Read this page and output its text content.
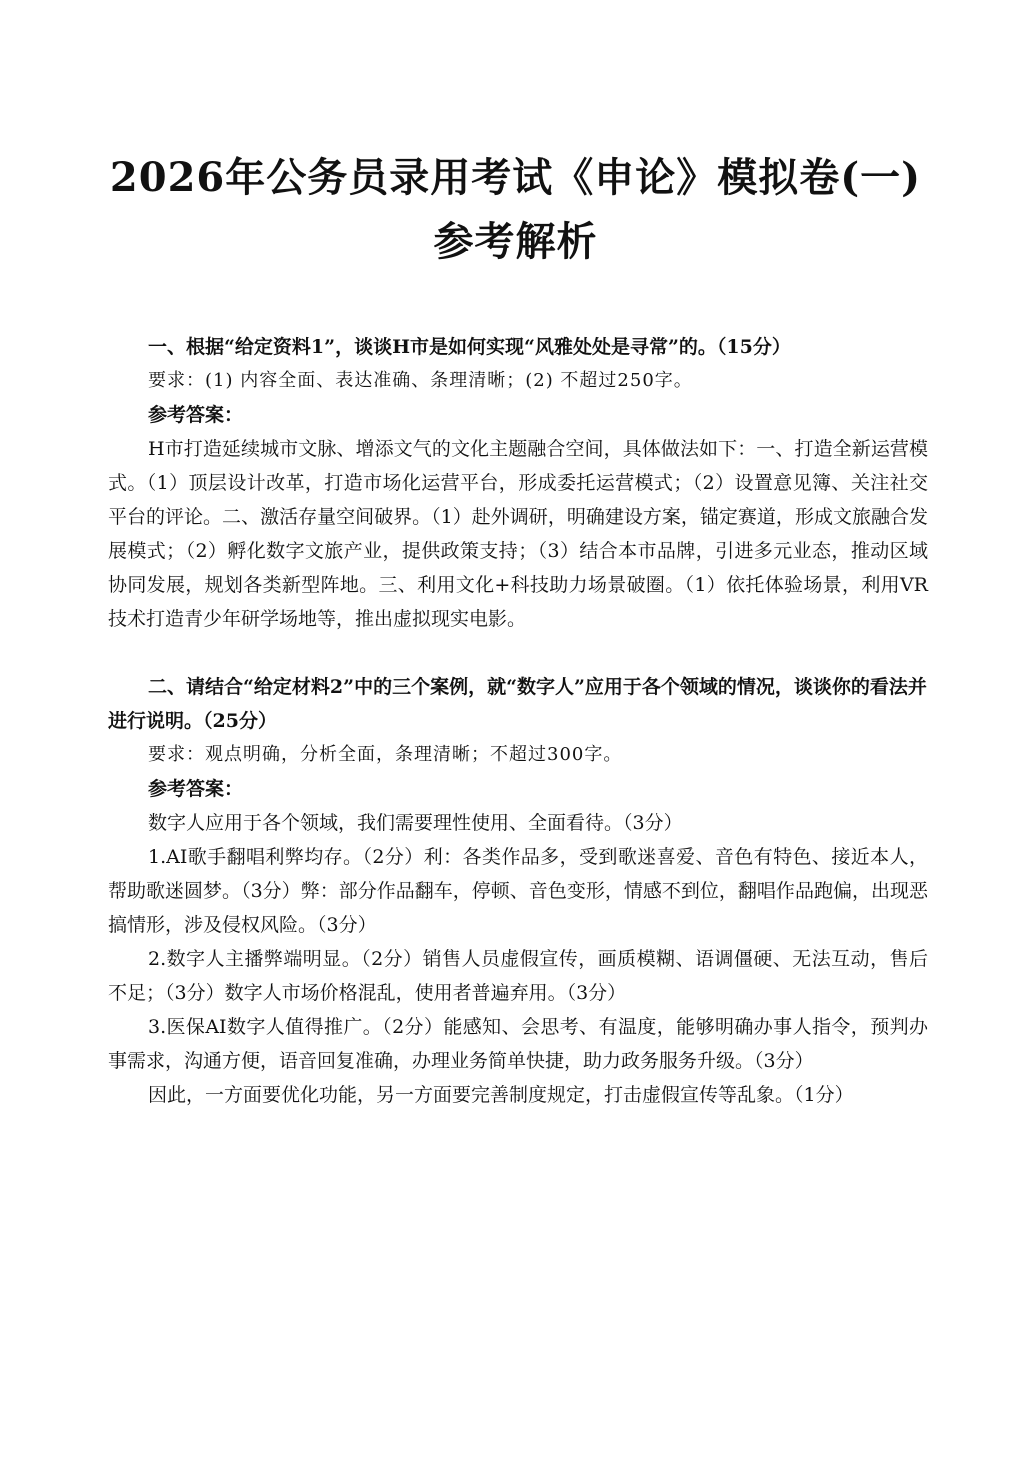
2026年公务员录用考试《申论》模拟卷(一)
参考解析

一、根据“给定资料1”，谈谈H市是如何实现“风雅处处是寻常”的。（15分）

要求：(1) 内容全面、表达准确、条理清晰；(2) 不超过250字。

参考答案：

H市打造延续城市文脉、增添文气的文化主题融合空间，具体做法如下：一、打造全新运营模式。（1）顶层设计改革，打造市场化运营平台，形成委托运营模式；（2）设置意见簿、关注社交平台的评论。二、激活存量空间破界。（1）赴外调研，明确建设方案，锚定赛道，形成文旅融合发展模式；（2）孵化数字文旅产业，提供政策支持；（3）结合本市品牌，引进多元业态，推动区域协同发展，规划各类新型阵地。三、利用文化+科技助力场景破圈。（1）依托体验场景，利用VR技术打造青少年研学场地等，推出虚拟现实电影。

二、请结合“给定材料2”中的三个案例，就“数字人”应用于各个领域的情况，谈谈你的看法并进行说明。（25分）

要求：观点明确，分析全面，条理清晰；不超过300字。

参考答案：

数字人应用于各个领域，我们需要理性使用、全面看待。（3分）

1.AI歌手翻唱利弊均存。（2分）利：各类作品多，受到歌迷喜爱、音色有特色、接近本人，帮助歌迷圆梦。（3分）弊：部分作品翻车，停顿、音色变形，情感不到位，翻唱作品跑偏，出现恶搞情形，涉及侵权风险。（3分）

2.数字人主播弊端明显。（2分）销售人员虚假宣传，画质模糊、语调僵硬、无法互动，售后不足；（3分）数字人市场价格混乱，使用者普遍弃用。（3分）

3.医保AI数字人值得推广。（2分）能感知、会思考、有温度，能够明确办事人指令，预判办事需求，沟通方便，语音回复准确，办理业务简单快捷，助力政务服务升级。（3分）

因此，一方面要优化功能，另一方面要完善制度规定，打击虚假宣传等乱象。（1分）
